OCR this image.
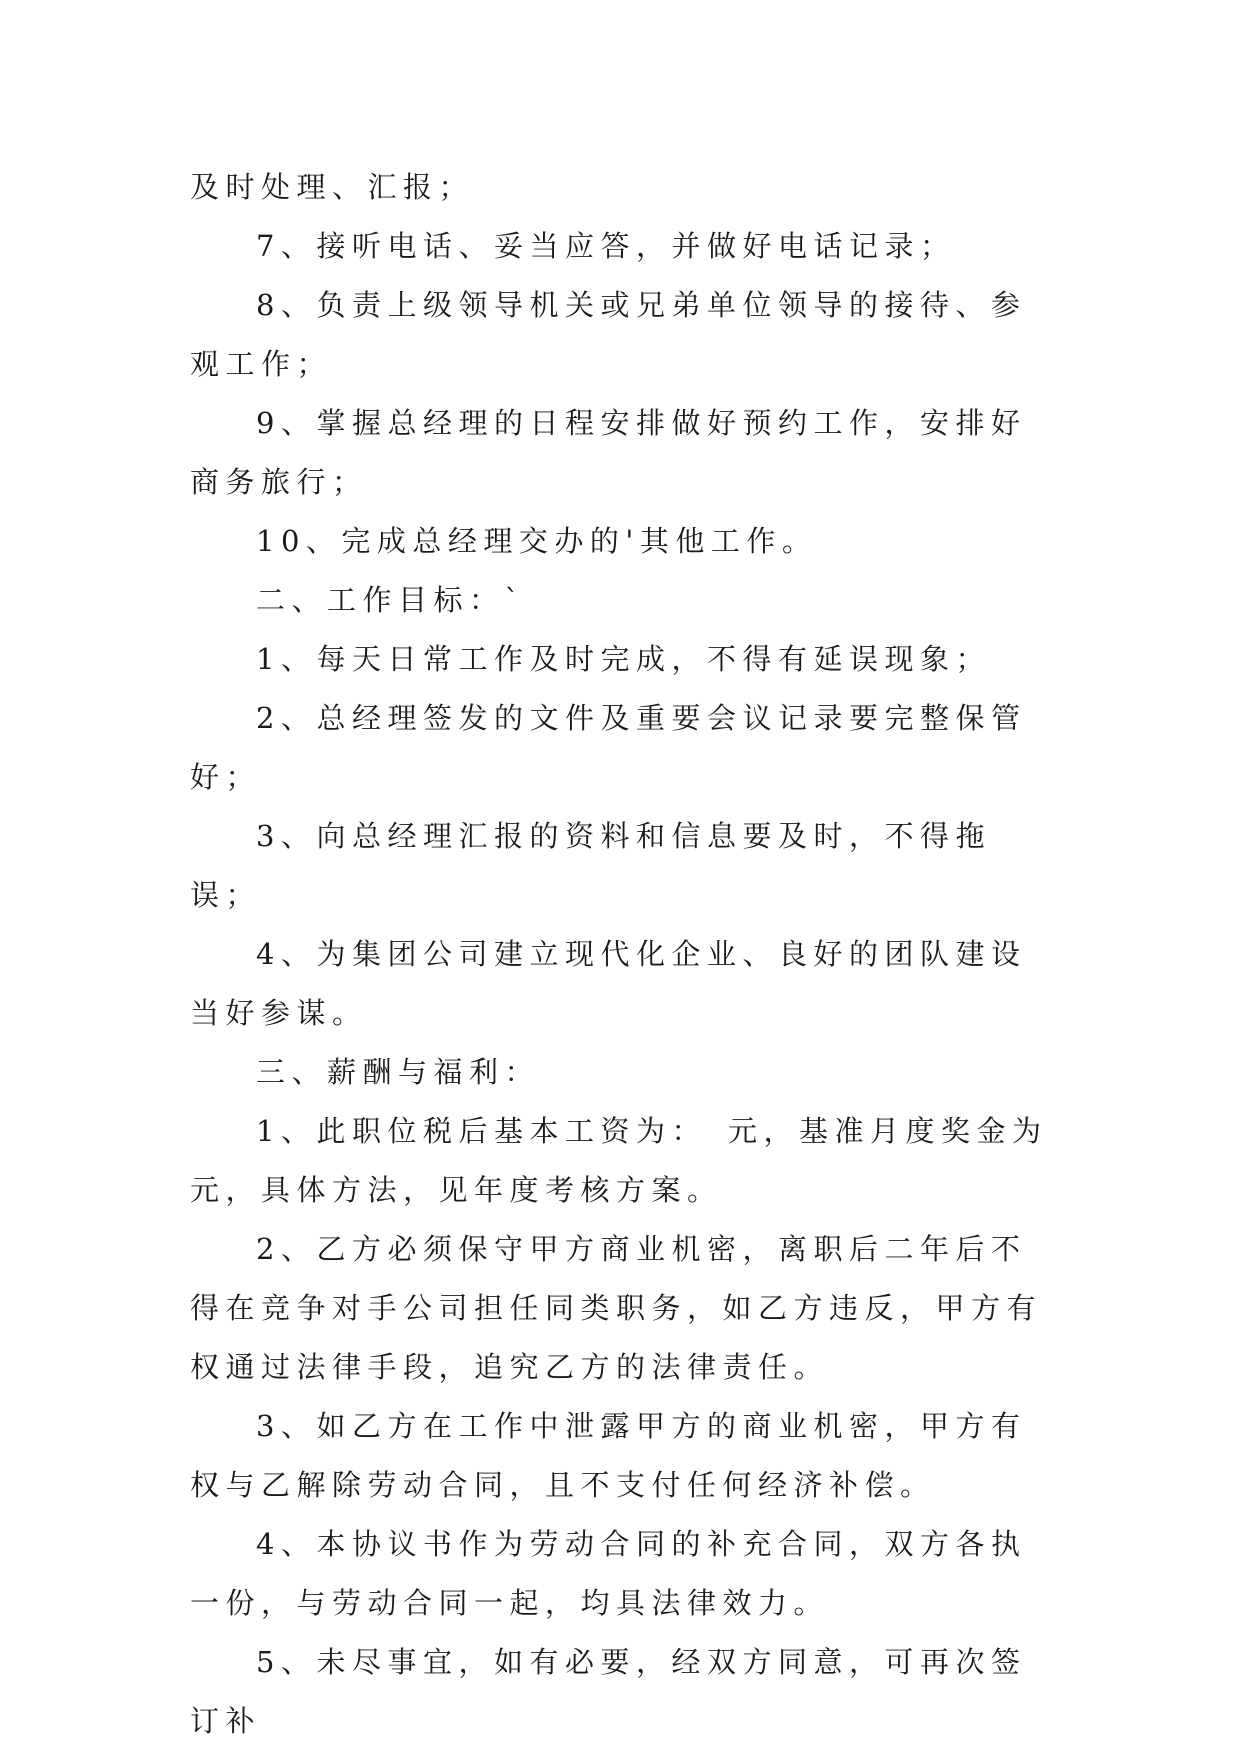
及时处理、汇报；

7、接听电话、妥当应答，并做好电话记录；

8、负责上级领导机关或兄弟单位领导的接待、参观工作；

9、掌握总经理的日程安排做好预约工作，安排好商务旅行；

10、完成总经理交办的'其他工作。

二、工作目标：`

1、每天日常工作及时完成，不得有延误现象；

2、总经理签发的文件及重要会议记录要完整保管好；

3、向总经理汇报的资料和信息要及时，不得拖误；

4、为集团公司建立现代化企业、良好的团队建设当好参谋。

三、薪酬与福利：

1、此职位税后基本工资为：　元，基准月度奖金为 元，具体方法，见年度考核方案。

2、乙方必须保守甲方商业机密，离职后二年后不得在竞争对手公司担任同类职务，如乙方违反，甲方有权通过法律手段，追究乙方的法律责任。

3、如乙方在工作中泄露甲方的商业机密，甲方有权与乙解除劳动合同，且不支付任何经济补偿。

4、本协议书作为劳动合同的补充合同，双方各执一份，与劳动合同一起，均具法律效力。

5、未尽事宜，如有必要，经双方同意，可再次签订补
